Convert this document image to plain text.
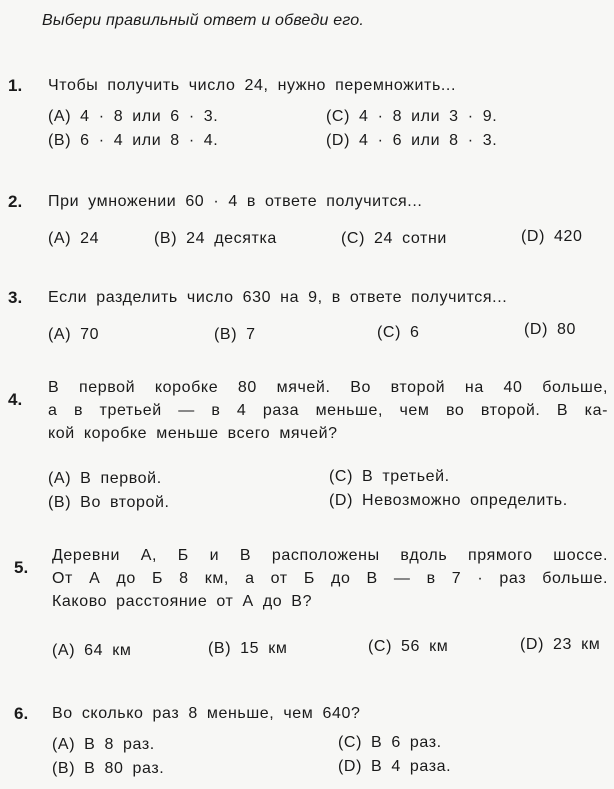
Выбери правильный ответ и обведи его.
1. Чтобы получить число 24, нужно перемножить...
(A) 4 · 8 или 6 · 3.
(B) 6 · 4 или 8 · 4.
(C) 4 · 8 или 3 · 9.
(D) 4 · 6 или 8 · 3.
2. При умножении 60 · 4 в ответе получится...
(A) 24	(B) 24 десятка	(C) 24 сотни	(D) 420
3. Если разделить число 630 на 9, в ответе получится...
(A) 70	(B) 7	(C) 6	(D) 80
4.
В первой коробке 80 мячей. Во второй на 40 больше,
а в третьей — в 4 раза меньше, чем во второй. В ка-
кой коробке меньше всего мячей?
(A) В первой.
(B) Во второй.
(C) В третьей.
(D) Невозможно определить.
5.
Деревни А, Б и В расположены вдоль прямого шоссе.
От А до Б 8 км, а от Б до В — в 7 · раз больше.
Каково расстояние от А до В?
(A) 64 км	(B) 15 км	(C) 56 км	(D) 23 км
6. Во сколько раз 8 меньше, чем 640?
(A) В 8 раз.
(B) В 80 раз.
(C) В 6 раз.
(D) В 4 раза.
